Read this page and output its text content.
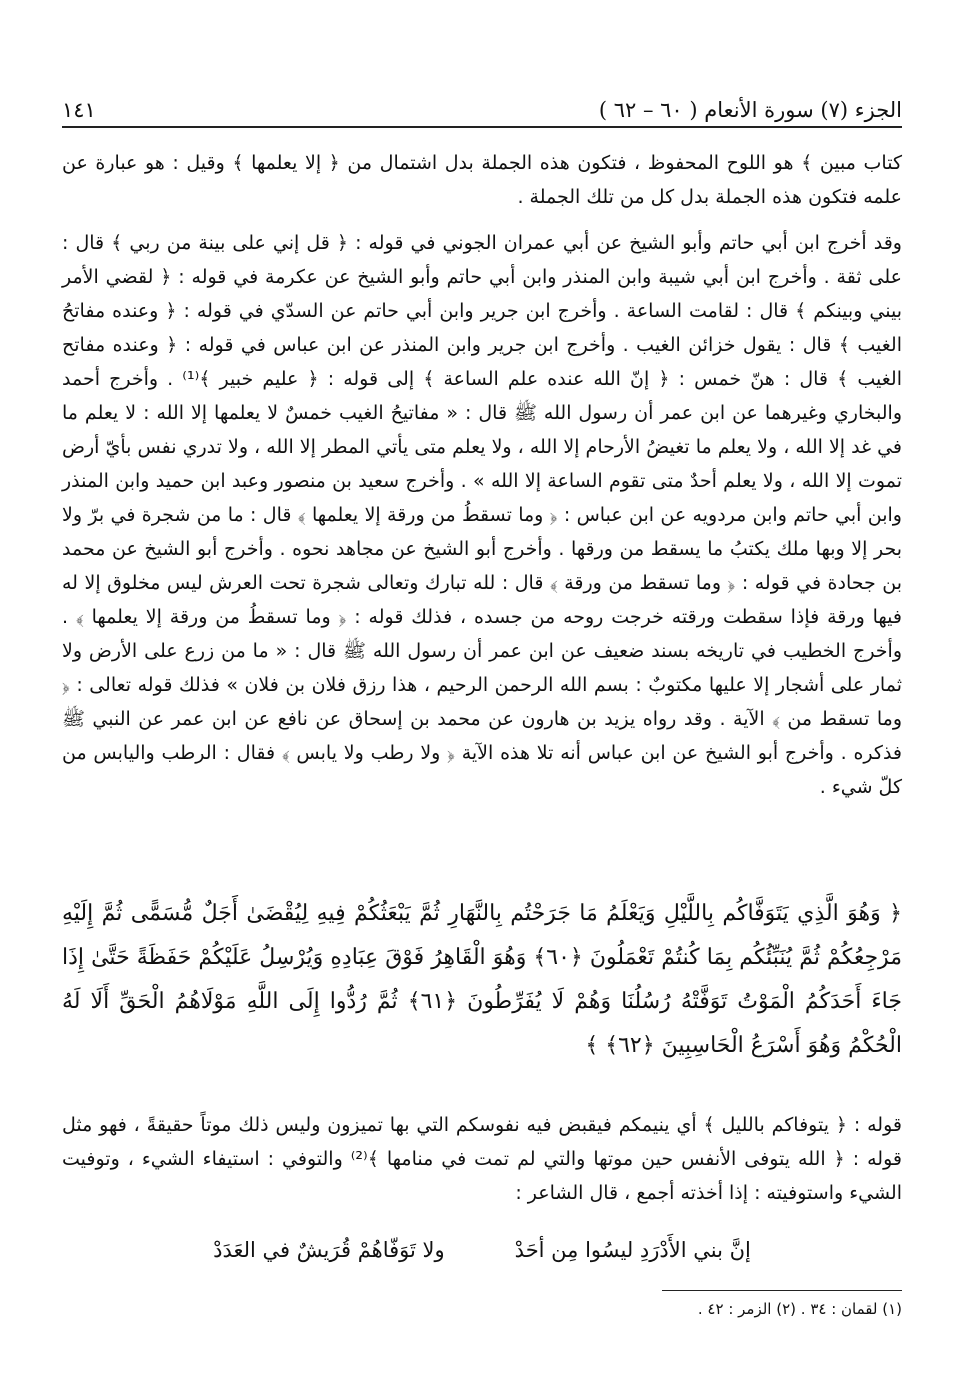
الجزء (٧) سورة الأنعام ( ٦٠ – ٦٢ )
١٤١

كتاب مبين ﴾ هو اللوح المحفوظ ، فتكون هذه الجملة بدل اشتمال من ﴿ إلا يعلمها ﴾ وقيل : هو عبارة عن علمه فتكون هذه الجملة بدل كل من تلك الجملة .

وقد أخرج ابن أبي حاتم وأبو الشيخ عن أبي عمران الجوني في قوله : ﴿ قل إني على بينة من ربي ﴾ قال : على ثقة . وأخرج ابن أبي شيبة وابن المنذر وابن أبي حاتم وأبو الشيخ عن عكرمة في قوله : ﴿ لقضي الأمر بيني وبينكم ﴾ قال : لقامت الساعة . وأخرج ابن جرير وابن أبي حاتم عن السدّي في قوله : ﴿ وعنده مفاتحُ الغيب ﴾ قال : يقول خزائن الغيب . وأخرج ابن جرير وابن المنذر عن ابن عباس في قوله : ﴿ وعنده مفاتح الغيب ﴾ قال : هنّ خمس : ﴿ إنّ الله عنده علم الساعة ﴾ إلى قوله : ﴿ عليم خبير ﴾⁽¹⁾ . وأخرج أحمد والبخاري وغيرهما عن ابن عمر أن رسول الله ﷺ قال : « مفاتيحُ الغيب خمسٌ لا يعلمها إلا الله : لا يعلم ما في غد إلا الله ، ولا يعلم ما تغيضُ الأرحام إلا الله ، ولا يعلم متى يأتي المطر إلا الله ، ولا تدري نفس بأيّ أرض تموت إلا الله ، ولا يعلم أحدٌ متى تقوم الساعة إلا الله » . وأخرج سعيد بن منصور وعبد ابن حميد وابن المنذر وابن أبي حاتم وابن مردويه عن ابن عباس : ﴿ وما تسقطُ من ورقة إلا يعلمها ﴾ قال : ما من شجرة في برّ ولا بحر إلا وبها ملك يكتبُ ما يسقط من ورقها . وأخرج أبو الشيخ عن مجاهد نحوه . وأخرج أبو الشيخ عن محمد بن جحادة في قوله : ﴿ وما تسقط من ورقة ﴾ قال : لله تبارك وتعالى شجرة تحت العرش ليس مخلوق إلا له فيها ورقة فإذا سقطت ورقته خرجت روحه من جسده ، فذلك قوله : ﴿ وما تسقطُ من ورقة إلا يعلمها ﴾ . وأخرج الخطيب في تاريخه بسند ضعيف عن ابن عمر أن رسول الله ﷺ قال : « ما من زرع على الأرض ولا ثمار على أشجار إلا عليها مكتوبٌ : بسم الله الرحمن الرحيم ، هذا رزق فلان بن فلان » فذلك قوله تعالى : ﴿ وما تسقط من ﴾ الآية . وقد رواه يزيد بن هارون عن محمد بن إسحاق عن نافع عن ابن عمر عن النبي ﷺ فذكره . وأخرج أبو الشيخ عن ابن عباس أنه تلا هذه الآية ﴿ ولا رطب ولا يابس ﴾ فقال : الرطب واليابس من كلّ شيء .

﴿ وَهُوَ الَّذِي يَتَوَفَّاكُم بِاللَّيْلِ وَيَعْلَمُ مَا جَرَحْتُم بِالنَّهَارِ ثُمَّ يَبْعَثُكُمْ فِيهِ لِيُقْضَىٰ أَجَلٌ مُّسَمًّى ثُمَّ إِلَيْهِ مَرْجِعُكُمْ ثُمَّ يُنَبِّئُكُم بِمَا كُنتُمْ تَعْمَلُونَ ﴿٦٠﴾ وَهُوَ الْقَاهِرُ فَوْقَ عِبَادِهِ وَيُرْسِلُ عَلَيْكُمْ حَفَظَةً حَتَّىٰ إِذَا جَاءَ أَحَدَكُمُ الْمَوْتُ تَوَفَّتْهُ رُسُلُنَا وَهُمْ لَا يُفَرِّطُونَ ﴿٦١﴾ ثُمَّ رُدُّوا إِلَى اللَّهِ مَوْلَاهُمُ الْحَقِّ أَلَا لَهُ الْحُكْمُ وَهُوَ أَسْرَعُ الْحَاسِبِينَ ﴿٦٢﴾ ﴾

قوله : ﴿ يتوفاكم بالليل ﴾ أي ينيمكم فيقبض فيه نفوسكم التي بها تميزون وليس ذلك موتاً حقيقةً ، فهو مثل قوله : ﴿ الله يتوفى الأنفس حين موتها والتي لم تمت في منامها ﴾⁽²⁾ والتوفي : استيفاء الشيء ، وتوفيت الشيء واستوفيته : إذا أخذته أجمع ، قال الشاعر :

إنَّ بني الأَدْرَدِ ليسُوا مِن أحَدْ
ولا تَوَفّاهُمْ قُرَيشٌ في العَدَدْ

(١) لقمان : ٣٤ . (٢) الزمر : ٤٢ .
